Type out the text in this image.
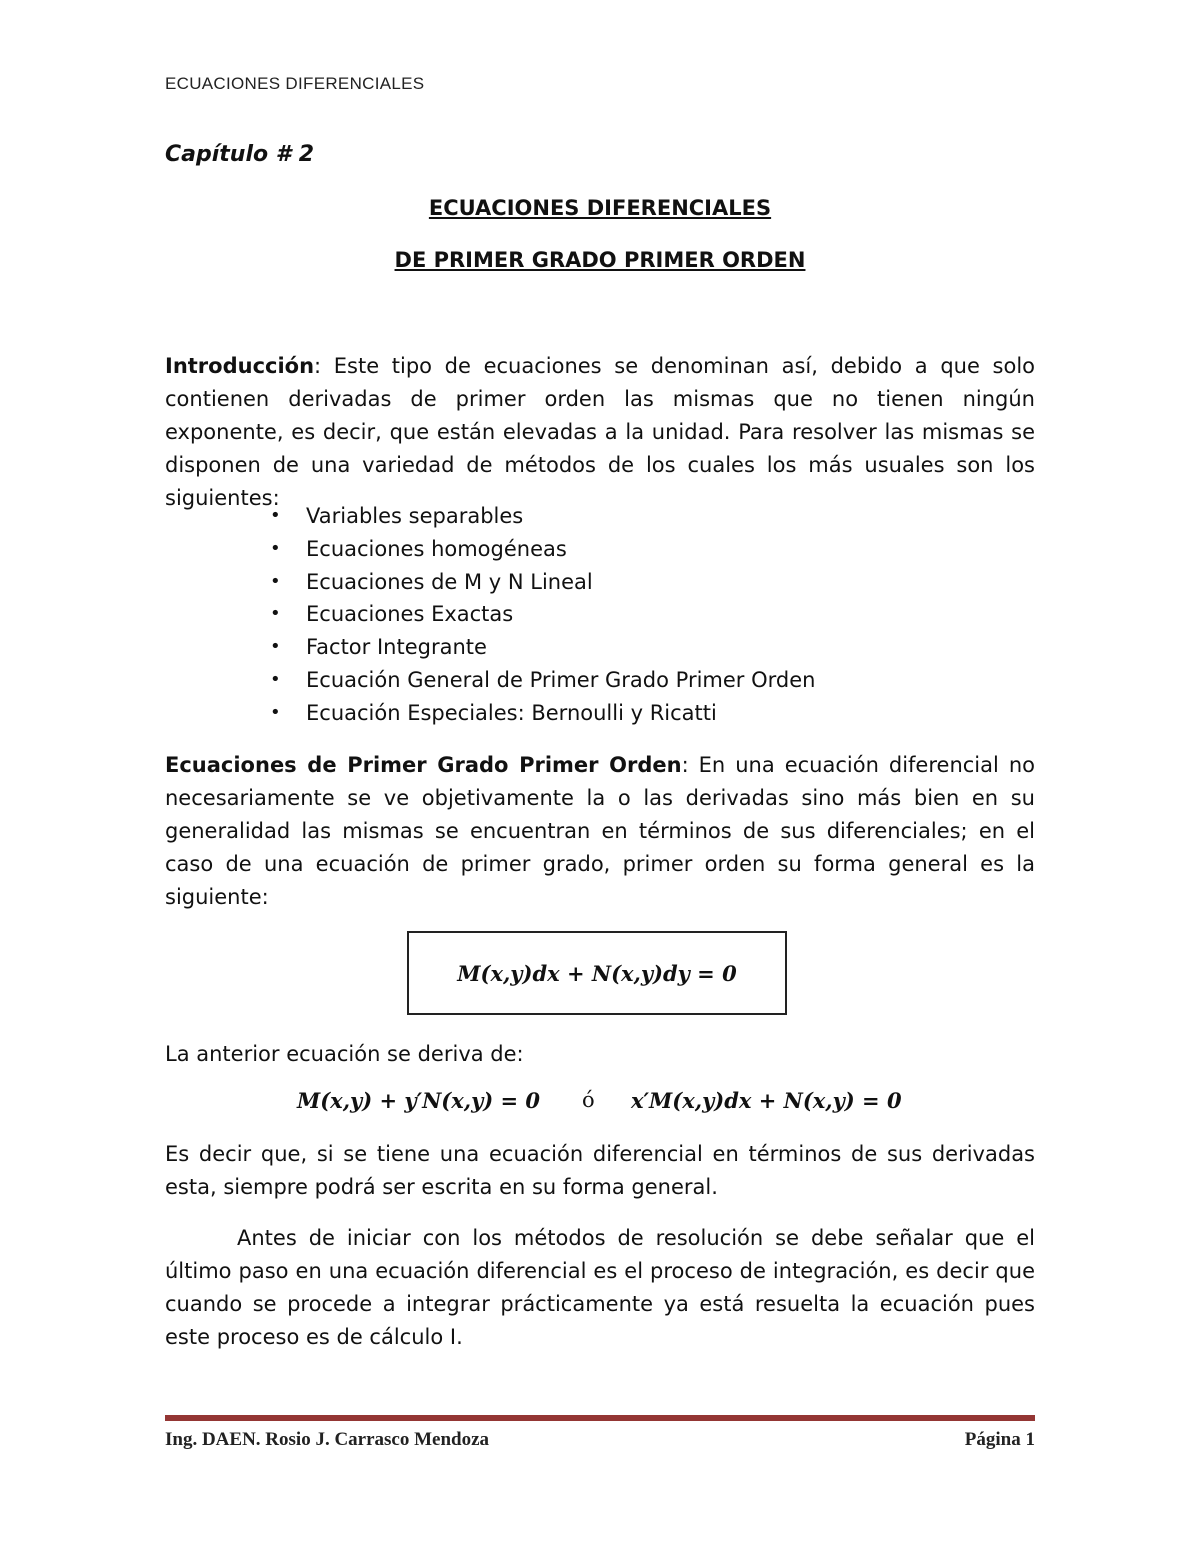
ECUACIONES DIFERENCIALES
Capítulo # 2
ECUACIONES DIFERENCIALES
DE PRIMER GRADO PRIMER ORDEN

Introducción: Este tipo de ecuaciones se denominan así, debido a que solo contienen derivadas de primer orden las mismas que no tienen ningún exponente, es decir, que están elevadas a la unidad. Para resolver las mismas se disponen de una variedad de métodos de los cuales los más usuales son los siguientes:

• Variables separables
• Ecuaciones homogéneas
• Ecuaciones de M y N Lineal
• Ecuaciones Exactas
• Factor Integrante
• Ecuación General de Primer Grado Primer Orden
• Ecuación Especiales: Bernoulli y Ricatti

Ecuaciones de Primer Grado Primer Orden: En una ecuación diferencial no necesariamente se ve objetivamente la o las derivadas sino más bien en su generalidad las mismas se encuentran en términos de sus diferenciales; en el caso de una ecuación de primer grado, primer orden su forma general es la siguiente:

M(x,y)dx + N(x,y)dy = 0

La anterior ecuación se deriva de:

M(x,y) + y′N(x,y) = 0 ó x′M(x,y)dx + N(x,y) = 0

Es decir que, si se tiene una ecuación diferencial en términos de sus derivadas esta, siempre podrá ser escrita en su forma general.

Antes de iniciar con los métodos de resolución se debe señalar que el último paso en una ecuación diferencial es el proceso de integración, es decir que cuando se procede a integrar prácticamente ya está resuelta la ecuación pues este proceso es de cálculo I.

Ing. DAEN. Rosio J. Carrasco Mendoza	Página 1
